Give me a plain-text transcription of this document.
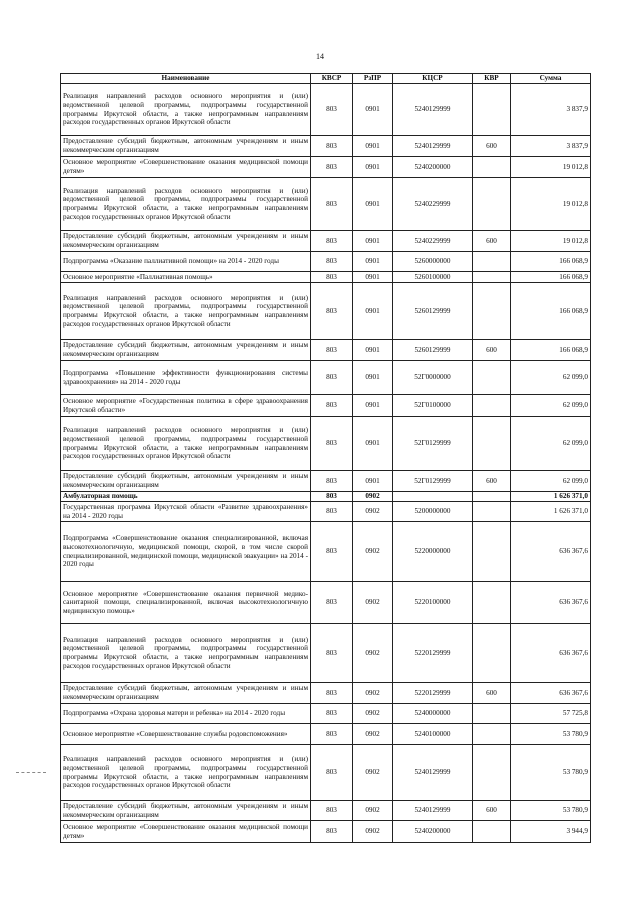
14
Наименование	КВСР	РзПР	КЦСР	КВР	Сумма
Реализация направлений расходов основного мероприятия и (или) ведомственной целевой программы, подпрограммы государственной программы Иркутской области, а также непрограммным направлениям расходов государственных органов Иркутской области	803	0901	5240129999		3 837,9
Предоставление субсидий бюджетным, автономным учреждениям и иным некоммерческим организациям	803	0901	5240129999	600	3 837,9
Основное мероприятие «Совершенствование оказания медицинской помощи детям»	803	0901	5240200000		19 012,8
Реализация направлений расходов основного мероприятия и (или) ведомственной целевой программы, подпрограммы государственной программы Иркутской области, а также непрограммным направлениям расходов государственных органов Иркутской области	803	0901	5240229999		19 012,8
Предоставление субсидий бюджетным, автономным учреждениям и иным некоммерческим организациям	803	0901	5240229999	600	19 012,8
Подпрограмма «Оказание паллиативной помощи» на 2014 - 2020 годы	803	0901	5260000000		166 068,9
Основное мероприятие «Паллиативная помощь»	803	0901	5260100000		166 068,9
Реализация направлений расходов основного мероприятия и (или) ведомственной целевой программы, подпрограммы государственной программы Иркутской области, а также непрограммным направлениям расходов государственных органов Иркутской области	803	0901	5260129999		166 068,9
Предоставление субсидий бюджетным, автономным учреждениям и иным некоммерческим организациям	803	0901	5260129999	600	166 068,9
Подпрограмма «Повышение эффективности функционирования системы здравоохранения» на 2014 - 2020 годы	803	0901	52Г0000000		62 099,0
Основное мероприятие «Государственная политика в сфере здравоохранения Иркутской области»	803	0901	52Г0100000		62 099,0
Реализация направлений расходов основного мероприятия и (или) ведомственной целевой программы, подпрограммы государственной программы Иркутской области, а также непрограммным направлениям расходов государственных органов Иркутской области	803	0901	52Г0129999		62 099,0
Предоставление субсидий бюджетным, автономным учреждениям и иным некоммерческим организациям	803	0901	52Г0129999	600	62 099,0
Амбулаторная помощь	803	0902			1 626 371,0
Государственная программа Иркутской области «Развитие здравоохранения» на 2014 - 2020 годы	803	0902	5200000000		1 626 371,0
Подпрограмма «Совершенствование оказания специализированной, включая высокотехнологичную, медицинской помощи, скорой, в том числе скорой специализированной, медицинской помощи, медицинской эвакуации» на 2014 - 2020 годы	803	0902	5220000000		636 367,6
Основное мероприятие «Совершенствование оказания первичной медико-санитарной помощи, специализированной, включая высокотехнологичную медицинскую помощь»	803	0902	5220100000		636 367,6
Реализация направлений расходов основного мероприятия и (или) ведомственной целевой программы, подпрограммы государственной программы Иркутской области, а также непрограммным направлениям расходов государственных органов Иркутской области	803	0902	5220129999		636 367,6
Предоставление субсидий бюджетным, автономным учреждениям и иным некоммерческим организациям	803	0902	5220129999	600	636 367,6
Подпрограмма «Охрана здоровья матери и ребенка» на 2014 - 2020 годы	803	0902	5240000000		57 725,8
Основное мероприятие «Совершенствование службы родовспоможения»	803	0902	5240100000		53 780,9
Реализация направлений расходов основного мероприятия и (или) ведомственной целевой программы, подпрограммы государственной программы Иркутской области, а также непрограммным направлениям расходов государственных органов Иркутской области	803	0902	5240129999		53 780,9
Предоставление субсидий бюджетным, автономным учреждениям и иным некоммерческим организациям	803	0902	5240129999	600	53 780,9
Основное мероприятие «Совершенствование оказания медицинской помощи детям»	803	0902	5240200000		3 944,9
